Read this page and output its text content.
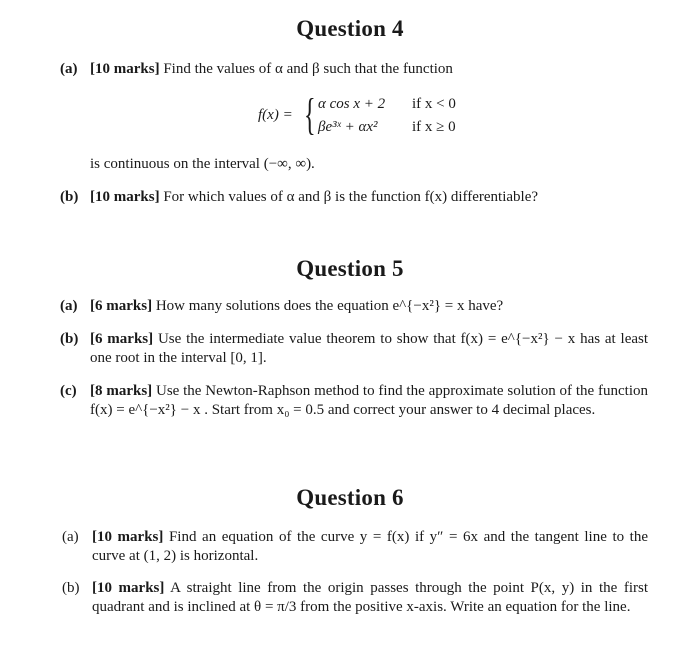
Question 4
(a) [10 marks] Find the values of α and β such that the function
f(x) = { α cos x + 2 if x < 0
βe³ˣ + αx² if x ≥ 0
is continuous on the interval (−∞, ∞).
(b) [10 marks] For which values of α and β is the function f(x) differentiable?
Question 5
(a) [6 marks] How many solutions does the equation e^{−x²} = x have?
(b) [6 marks] Use the intermediate value theorem to show that f(x) = e^{−x²} − x has at least one root in the interval [0, 1].
(c) [8 marks] Use the Newton-Raphson method to find the approximate solution of the function f(x) = e^{−x²} − x . Start from x₀ = 0.5 and correct your answer to 4 decimal places.
Question 6
(a) [10 marks] Find an equation of the curve y = f(x) if y″ = 6x and the tangent line to the curve at (1, 2) is horizontal.
(b) [10 marks] A straight line from the origin passes through the point P(x, y) in the first quadrant and is inclined at θ = π/3 from the positive x-axis. Write an equation for the line.
